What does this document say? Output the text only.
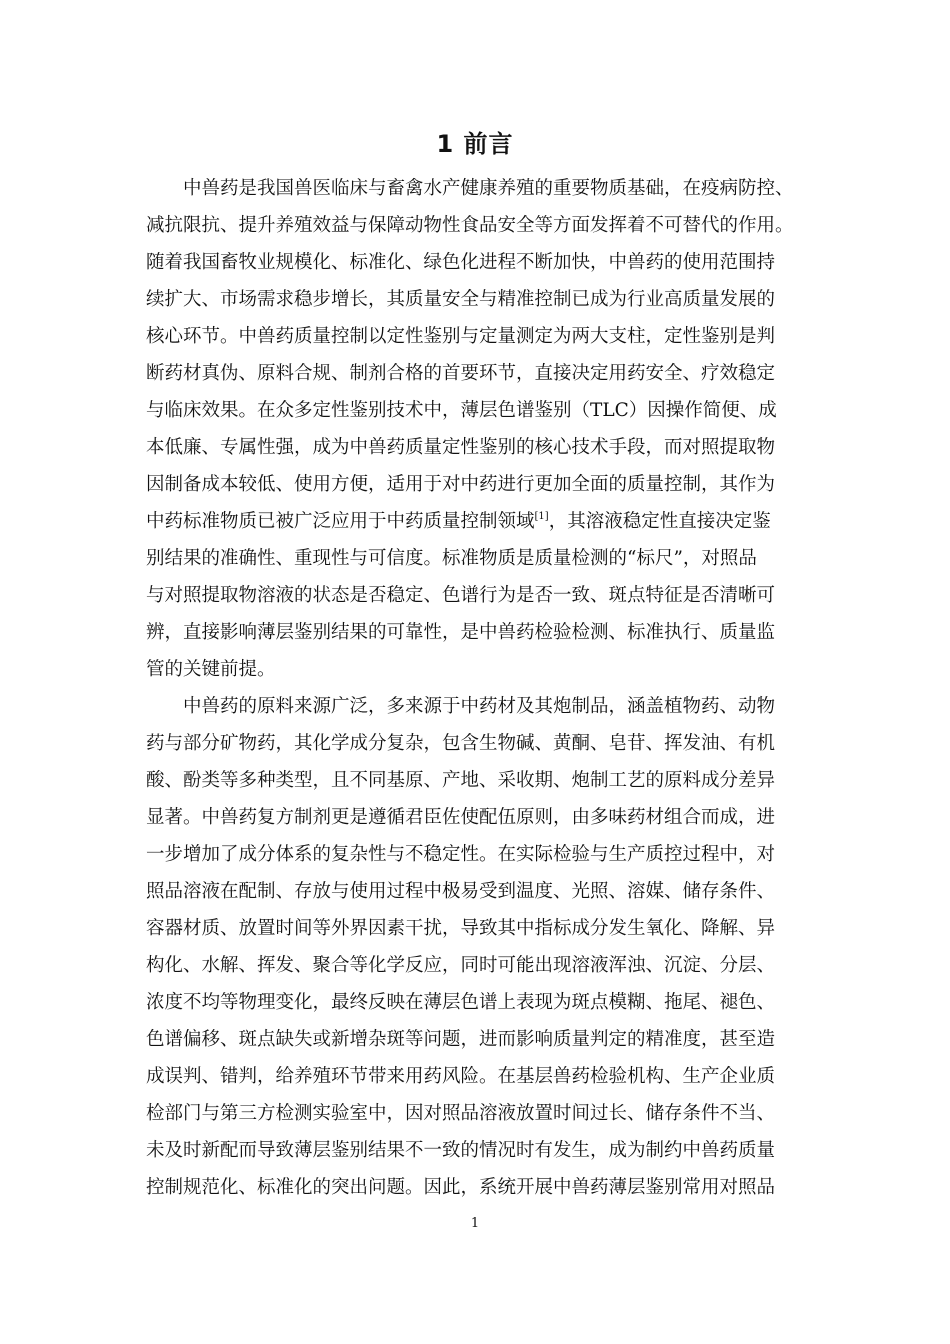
1 前言
中兽药是我国兽医临床与畜禽水产健康养殖的重要物质基础，在疫病防控、
减抗限抗、提升养殖效益与保障动物性食品安全等方面发挥着不可替代的作用。
随着我国畜牧业规模化、标准化、绿色化进程不断加快，中兽药的使用范围持
续扩大、市场需求稳步增长，其质量安全与精准控制已成为行业高质量发展的
核心环节。中兽药质量控制以定性鉴别与定量测定为两大支柱，定性鉴别是判
断药材真伪、原料合规、制剂合格的首要环节，直接决定用药安全、疗效稳定
与临床效果。在众多定性鉴别技术中，薄层色谱鉴别（TLC）因操作简便、成
本低廉、专属性强，成为中兽药质量定性鉴别的核心技术手段，而对照提取物
因制备成本较低、使用方便，适用于对中药进行更加全面的质量控制，其作为
中药标准物质已被广泛应用于中药质量控制领域[1]，其溶液稳定性直接决定鉴
别结果的准确性、重现性与可信度。标准物质是质量检测的“标尺”，对照品
与对照提取物溶液的状态是否稳定、色谱行为是否一致、斑点特征是否清晰可
辨，直接影响薄层鉴别结果的可靠性，是中兽药检验检测、标准执行、质量监
管的关键前提。
中兽药的原料来源广泛，多来源于中药材及其炮制品，涵盖植物药、动物
药与部分矿物药，其化学成分复杂，包含生物碱、黄酮、皂苷、挥发油、有机
酸、酚类等多种类型，且不同基原、产地、采收期、炮制工艺的原料成分差异
显著。中兽药复方制剂更是遵循君臣佐使配伍原则，由多味药材组合而成，进
一步增加了成分体系的复杂性与不稳定性。在实际检验与生产质控过程中，对
照品溶液在配制、存放与使用过程中极易受到温度、光照、溶媒、储存条件、
容器材质、放置时间等外界因素干扰，导致其中指标成分发生氧化、降解、异
构化、水解、挥发、聚合等化学反应，同时可能出现溶液浑浊、沉淀、分层、
浓度不均等物理变化，最终反映在薄层色谱上表现为斑点模糊、拖尾、褪色、
色谱偏移、斑点缺失或新增杂斑等问题，进而影响质量判定的精准度，甚至造
成误判、错判，给养殖环节带来用药风险。在基层兽药检验机构、生产企业质
检部门与第三方检测实验室中，因对照品溶液放置时间过长、储存条件不当、
未及时新配而导致薄层鉴别结果不一致的情况时有发生，成为制约中兽药质量
控制规范化、标准化的突出问题。因此，系统开展中兽药薄层鉴别常用对照品
1
